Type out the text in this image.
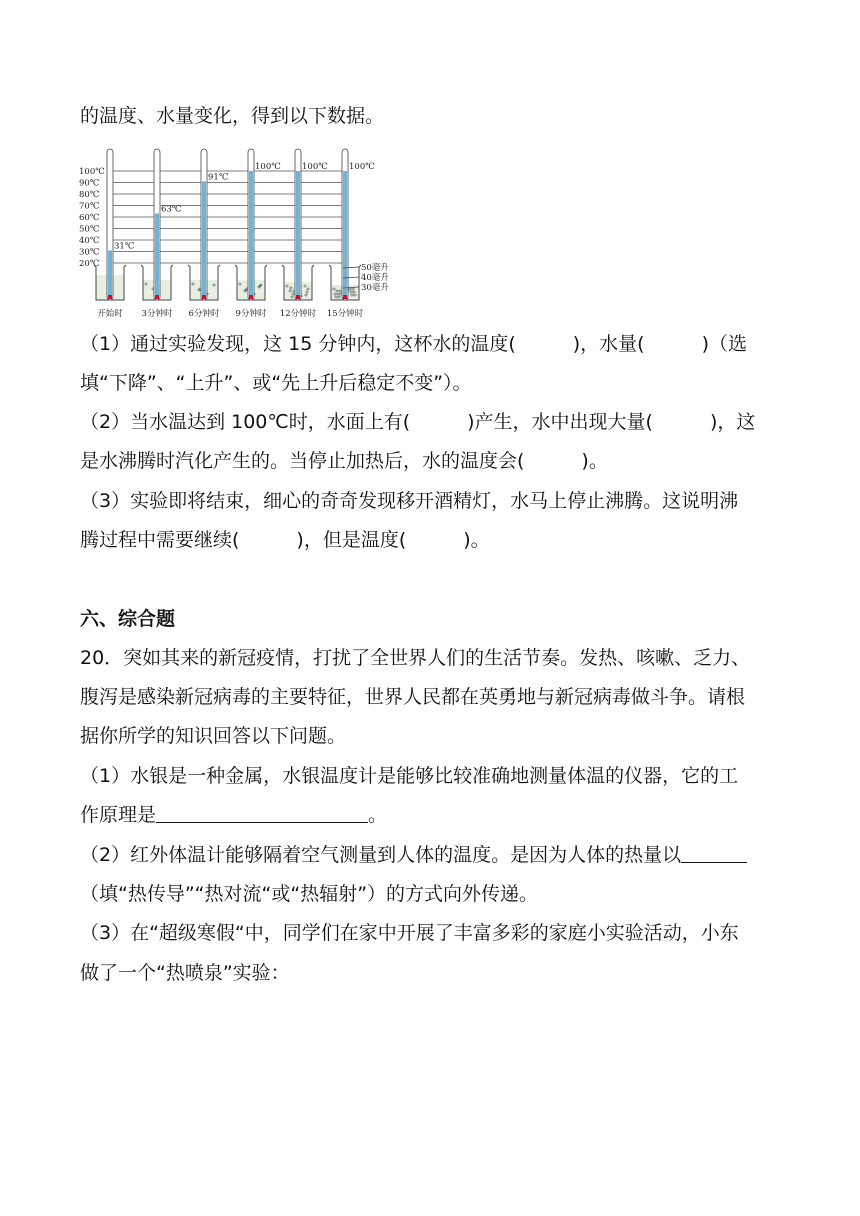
的温度、水量变化，得到以下数据。
100℃
90℃
80℃
70℃
60℃
50℃
40℃
30℃
20℃
31℃
开始时
63℃
3分钟时
91℃
6分钟时
100℃
9分钟时
100℃
12分钟时
100℃
15分钟时
50毫升
40毫升
30毫升
（1）通过实验发现，这 15 分钟内，这杯水的温度(　　　)，水量(　　　)（选
填“下降”、“上升”、或“先上升后稳定不变”）。
（2）当水温达到 100℃时，水面上有(　　　)产生，水中出现大量(　　　)，这
是水沸腾时汽化产生的。当停止加热后，水的温度会(　　　)。
（3）实验即将结束，细心的奇奇发现移开酒精灯，水马上停止沸腾。这说明沸
腾过程中需要继续(　　　)，但是温度(　　　)。
六、综合题
20．突如其来的新冠疫情，打扰了全世界人们的生活节奏。发热、咳嗽、乏力、
腹泻是感染新冠病毒的主要特征，世界人民都在英勇地与新冠病毒做斗争。请根
据你所学的知识回答以下问题。
（1）水银是一种金属，水银温度计是能够比较准确地测量体温的仪器，它的工
作原理是	。
（2）红外体温计能够隔着空气测量到人体的温度。是因为人体的热量以
（填“热传导”“热对流“或“热辐射”）的方式向外传递。
（3）在“超级寒假“中，同学们在家中开展了丰富多彩的家庭小实验活动，小东
做了一个“热喷泉”实验：
